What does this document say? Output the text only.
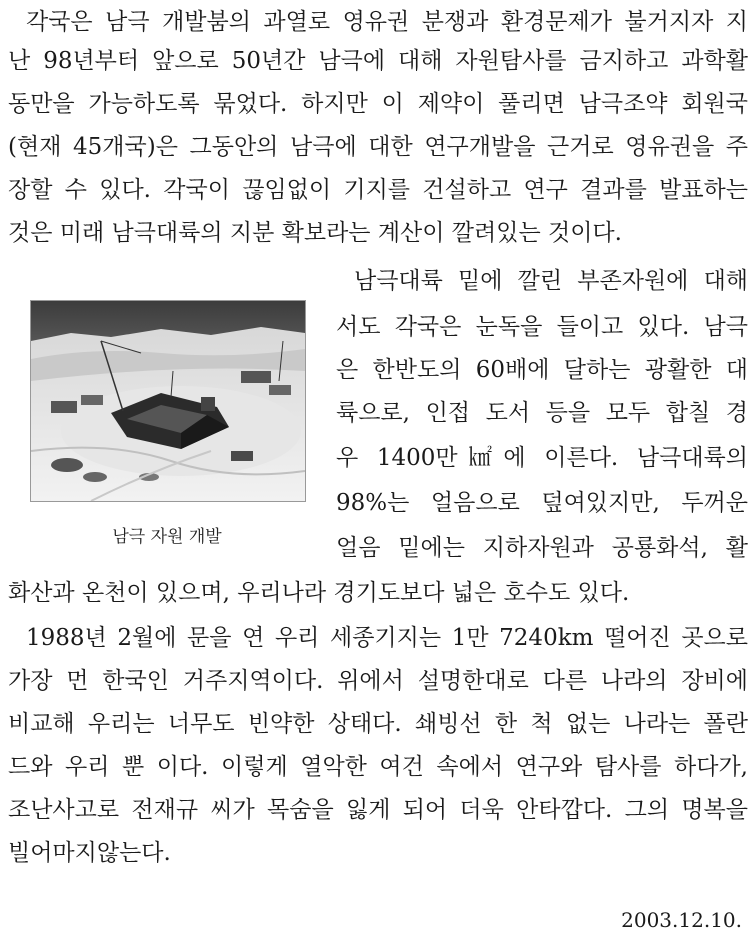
각국은 남극 개발붐의 과열로 영유권 분쟁과 환경문제가 불거지자 지

난 98년부터 앞으로 50년간 남극에 대해 자원탐사를 금지하고 과학활

동만을 가능하도록 묶었다. 하지만 이 제약이 풀리면 남극조약 회원국

(현재 45개국)은 그동안의 남극에 대한 연구개발을 근거로 영유권을 주

장할 수 있다. 각국이 끊임없이 기지를 건설하고 연구 결과를 발표하는

것은 미래 남극대륙의 지분 확보라는 계산이 깔려있는 것이다.

남극 자원 개발

남극대륙 밑에 깔린 부존자원에 대해

서도 각국은 눈독을 들이고 있다. 남극

은 한반도의 60배에 달하는 광활한 대

륙으로, 인접 도서 등을 모두 합칠 경

우 1400만㎢에 이른다. 남극대륙의

98%는 얼음으로 덮여있지만, 두꺼운

얼음 밑에는 지하자원과 공룡화석, 활

화산과 온천이 있으며, 우리나라 경기도보다 넓은 호수도 있다.

1988년 2월에 문을 연 우리 세종기지는 1만 7240km 떨어진 곳으로

가장 먼 한국인 거주지역이다. 위에서 설명한대로 다른 나라의 장비에

비교해 우리는 너무도 빈약한 상태다. 쇄빙선 한 척 없는 나라는 폴란

드와 우리 뿐 이다. 이렇게 열악한 여건 속에서 연구와 탐사를 하다가,

조난사고로 전재규 씨가 목숨을 잃게 되어 더욱 안타깝다. 그의 명복을

빌어마지않는다.

2003.12.10.
